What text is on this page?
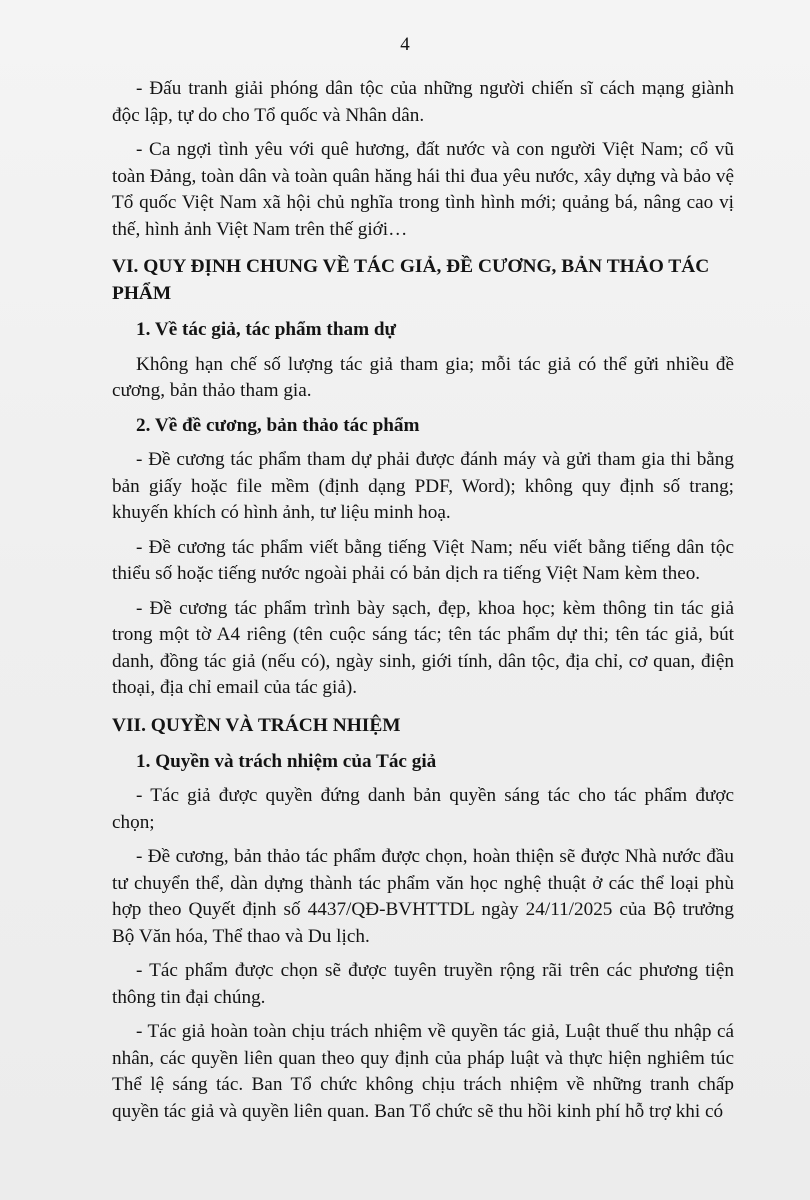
4

- Đấu tranh giải phóng dân tộc của những người chiến sĩ cách mạng giành độc lập, tự do cho Tổ quốc và Nhân dân.

- Ca ngợi tình yêu với quê hương, đất nước và con người Việt Nam; cổ vũ toàn Đảng, toàn dân và toàn quân hăng hái thi đua yêu nước, xây dựng và bảo vệ Tổ quốc Việt Nam xã hội chủ nghĩa trong tình hình mới; quảng bá, nâng cao vị thế, hình ảnh Việt Nam trên thế giới…

VI. QUY ĐỊNH CHUNG VỀ TÁC GIẢ, ĐỀ CƯƠNG, BẢN THẢO TÁC PHẨM
1. Về tác giả, tác phẩm tham dự

Không hạn chế số lượng tác giả tham gia; mỗi tác giả có thể gửi nhiều đề cương, bản thảo tham gia.

2. Về đề cương, bản thảo tác phẩm

- Đề cương tác phẩm tham dự phải được đánh máy và gửi tham gia thi bằng bản giấy hoặc file mềm (định dạng PDF, Word); không quy định số trang; khuyến khích có hình ảnh, tư liệu minh hoạ.

- Đề cương tác phẩm viết bằng tiếng Việt Nam; nếu viết bằng tiếng dân tộc thiểu số hoặc tiếng nước ngoài phải có bản dịch ra tiếng Việt Nam kèm theo.

- Đề cương tác phẩm trình bày sạch, đẹp, khoa học; kèm thông tin tác giả trong một tờ A4 riêng (tên cuộc sáng tác; tên tác phẩm dự thi; tên tác giả, bút danh, đồng tác giả (nếu có), ngày sinh, giới tính, dân tộc, địa chỉ, cơ quan, điện thoại, địa chỉ email của tác giả).

VII. QUYỀN VÀ TRÁCH NHIỆM
1. Quyền và trách nhiệm của Tác giả

- Tác giả được quyền đứng danh bản quyền sáng tác cho tác phẩm được chọn;

- Đề cương, bản thảo tác phẩm được chọn, hoàn thiện sẽ được Nhà nước đầu tư chuyển thể, dàn dựng thành tác phẩm văn học nghệ thuật ở các thể loại phù hợp theo Quyết định số 4437/QĐ-BVHTTDL ngày 24/11/2025 của Bộ trưởng Bộ Văn hóa, Thể thao và Du lịch.

- Tác phẩm được chọn sẽ được tuyên truyền rộng rãi trên các phương tiện thông tin đại chúng.

- Tác giả hoàn toàn chịu trách nhiệm về quyền tác giả, Luật thuế thu nhập cá nhân, các quyền liên quan theo quy định của pháp luật và thực hiện nghiêm túc Thể lệ sáng tác. Ban Tổ chức không chịu trách nhiệm về những tranh chấp quyền tác giả và quyền liên quan. Ban Tổ chức sẽ thu hồi kinh phí hỗ trợ khi có
